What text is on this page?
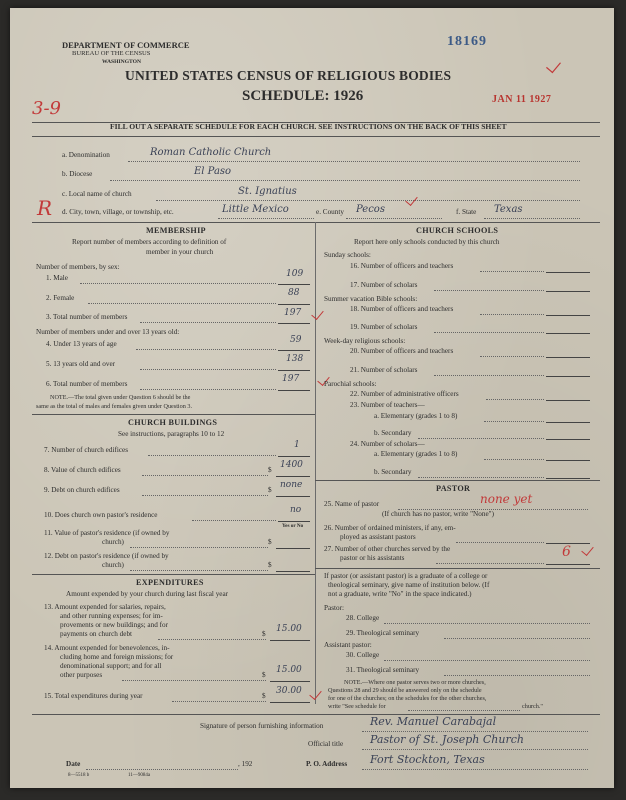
DEPARTMENT OF COMMERCE
BUREAU OF THE CENSUS
WASHINGTON
18169
UNITED STATES CENSUS OF RELIGIOUS BODIES
SCHEDULE: 1926	JAN 11 1927
3-9
FILL OUT A SEPARATE SCHEDULE FOR EACH CHURCH. SEE INSTRUCTIONS ON THE BACK OF THIS SHEET
a. Denomination	Roman Catholic Church
b. Diocese	El Paso
c. Local name of church	St. Ignatius
R d. City, town, village, or township, etc.	Little Mexico	e. County Pecos	f. State Texas
MEMBERSHIP
Report number of members according to definition of
member in your church
Number of members, by sex:
1. Male	109
2. Female	88
3. Total number of members	197
Number of members under and over 13 years old:
4. Under 13 years of age	59
5. 13 years old and over	138
6. Total number of members	197
NOTE.—The total given under Question 6 should be the
same as the total of males and females given under Question 3.
CHURCH BUILDINGS
See instructions, paragraphs 10 to 12
7. Number of church edifices	1
8. Value of church edifices	$ 1400
9. Debt on church edifices	$ none
10. Does church own pastor's residence	no
Yes or No
11. Value of pastor's residence (if owned by
church)	$
12. Debt on pastor's residence (if owned by
church)	$
EXPENDITURES
Amount expended by your church during last fiscal year
13. Amount expended for salaries, repairs,
and other running expenses; for im-
provements or new buildings; and for
payments on church debt	$ 15.00
14. Amount expended for benevolences, in-
cluding home and foreign missions; for
denominational support; and for all
other purposes	$ 15.00
15. Total expenditures during year	$ 30.00
CHURCH SCHOOLS
Report here only schools conducted by this church
Sunday schools:
16. Number of officers and teachers
17. Number of scholars
Summer vacation Bible schools:
18. Number of officers and teachers
19. Number of scholars
Week-day religious schools:
20. Number of officers and teachers
21. Number of scholars
Parochial schools:
22. Number of administrative officers
23. Number of teachers—
a. Elementary (grades 1 to 8)
b. Secondary
24. Number of scholars—
a. Elementary (grades 1 to 8)
b. Secondary
PASTOR
25. Name of pastor	none yet
(If church has no pastor, write "None")
26. Number of ordained ministers, if any, em-
ployed as assistant pastors
27. Number of other churches served by the
pastor or his assistants	6
If pastor (or assistant pastor) is a graduate of a college or
theological seminary, give name of institution below. (If
not a graduate, write "No" in the space indicated.)
Pastor:
28. College
29. Theological seminary
Assistant pastor:
30. College
31. Theological seminary
NOTE.—Where one pastor serves two or more churches,
Questions 28 and 29 should be answered only on the schedule
for one of the churches; on the schedules for the other churches,
write "See schedule for	church."
Signature of person furnishing information	Rev. Manuel Carabajal
Official title Pastor of St. Joseph Church
Date	, 192	P. O. Address Fort Stockton, Texas
8—5518 b	11—9084a
